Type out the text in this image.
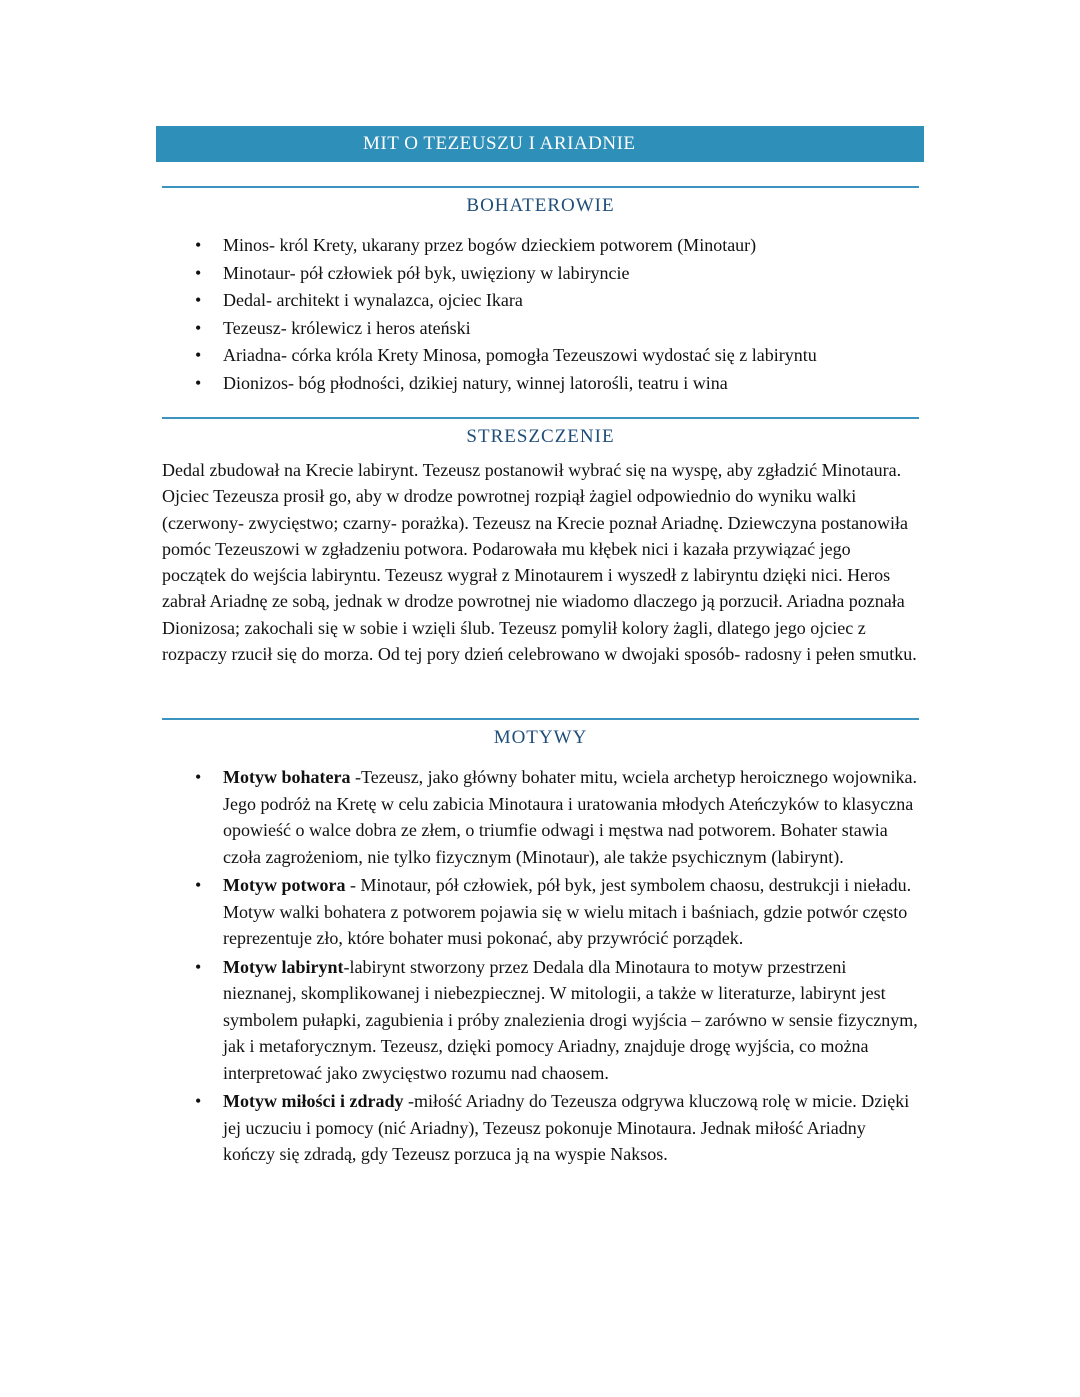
MIT O TEZEUSZU I ARIADNIE
BOHATEROWIE
• Minos- król Krety, ukarany przez bogów dzieckiem potworem (Minotaur)
• Minotaur- pół człowiek pół byk, uwięziony w labiryncie
• Dedal- architekt i wynalazca, ojciec Ikara
• Tezeusz- królewicz i heros ateński
• Ariadna- córka króla Krety Minosa, pomogła Tezeuszowi wydostać się z labiryntu
• Dionizos- bóg płodności, dzikiej natury, winnej latorośli, teatru i wina
STRESZCZENIE

Dedal zbudował na Krecie labirynt. Tezeusz postanowił wybrać się na wyspę, aby zgładzić Minotaura. Ojciec Tezeusza prosił go, aby w drodze powrotnej rozpiął żagiel odpowiednio do wyniku walki (czerwony- zwycięstwo; czarny- porażka). Tezeusz na Krecie poznał Ariadnę. Dziewczyna postanowiła pomóc Tezeuszowi w zgładzeniu potwora. Podarowała mu kłębek nici i kazała przywiązać jego początek do wejścia labiryntu. Tezeusz wygrał z Minotaurem i wyszedł z labiryntu dzięki nici. Heros zabrał Ariadnę ze sobą, jednak w drodze powrotnej nie wiadomo dlaczego ją porzucił. Ariadna poznała Dionizosa; zakochali się w sobie i wzięli ślub. Tezeusz pomylił kolory żagli, dlatego jego ojciec z rozpaczy rzucił się do morza. Od tej pory dzień celebrowano w dwojaki sposób- radosny i pełen smutku.

MOTYWY
• Motyw bohatera -Tezeusz, jako główny bohater mitu, wciela archetyp heroicznego wojownika. Jego podróż na Kretę w celu zabicia Minotaura i uratowania młodych Ateńczyków to klasyczna opowieść o walce dobra ze złem, o triumfie odwagi i męstwa nad potworem. Bohater stawia czoła zagrożeniom, nie tylko fizycznym (Minotaur), ale także psychicznym (labirynt).
• Motyw potwora - Minotaur, pół człowiek, pół byk, jest symbolem chaosu, destrukcji i nieładu. Motyw walki bohatera z potworem pojawia się w wielu mitach i baśniach, gdzie potwór często reprezentuje zło, które bohater musi pokonać, aby przywrócić porządek.
• Motyw labirynt-labirynt stworzony przez Dedala dla Minotaura to motyw przestrzeni nieznanej, skomplikowanej i niebezpiecznej. W mitologii, a także w literaturze, labirynt jest symbolem pułapki, zagubienia i próby znalezienia drogi wyjścia – zarówno w sensie fizycznym, jak i metaforycznym. Tezeusz, dzięki pomocy Ariadny, znajduje drogę wyjścia, co można interpretować jako zwycięstwo rozumu nad chaosem.
• Motyw miłości i zdrady -miłość Ariadny do Tezeusza odgrywa kluczową rolę w micie. Dzięki jej uczuciu i pomocy (nić Ariadny), Tezeusz pokonuje Minotaura. Jednak miłość Ariadny kończy się zdradą, gdy Tezeusz porzuca ją na wyspie Naksos.
